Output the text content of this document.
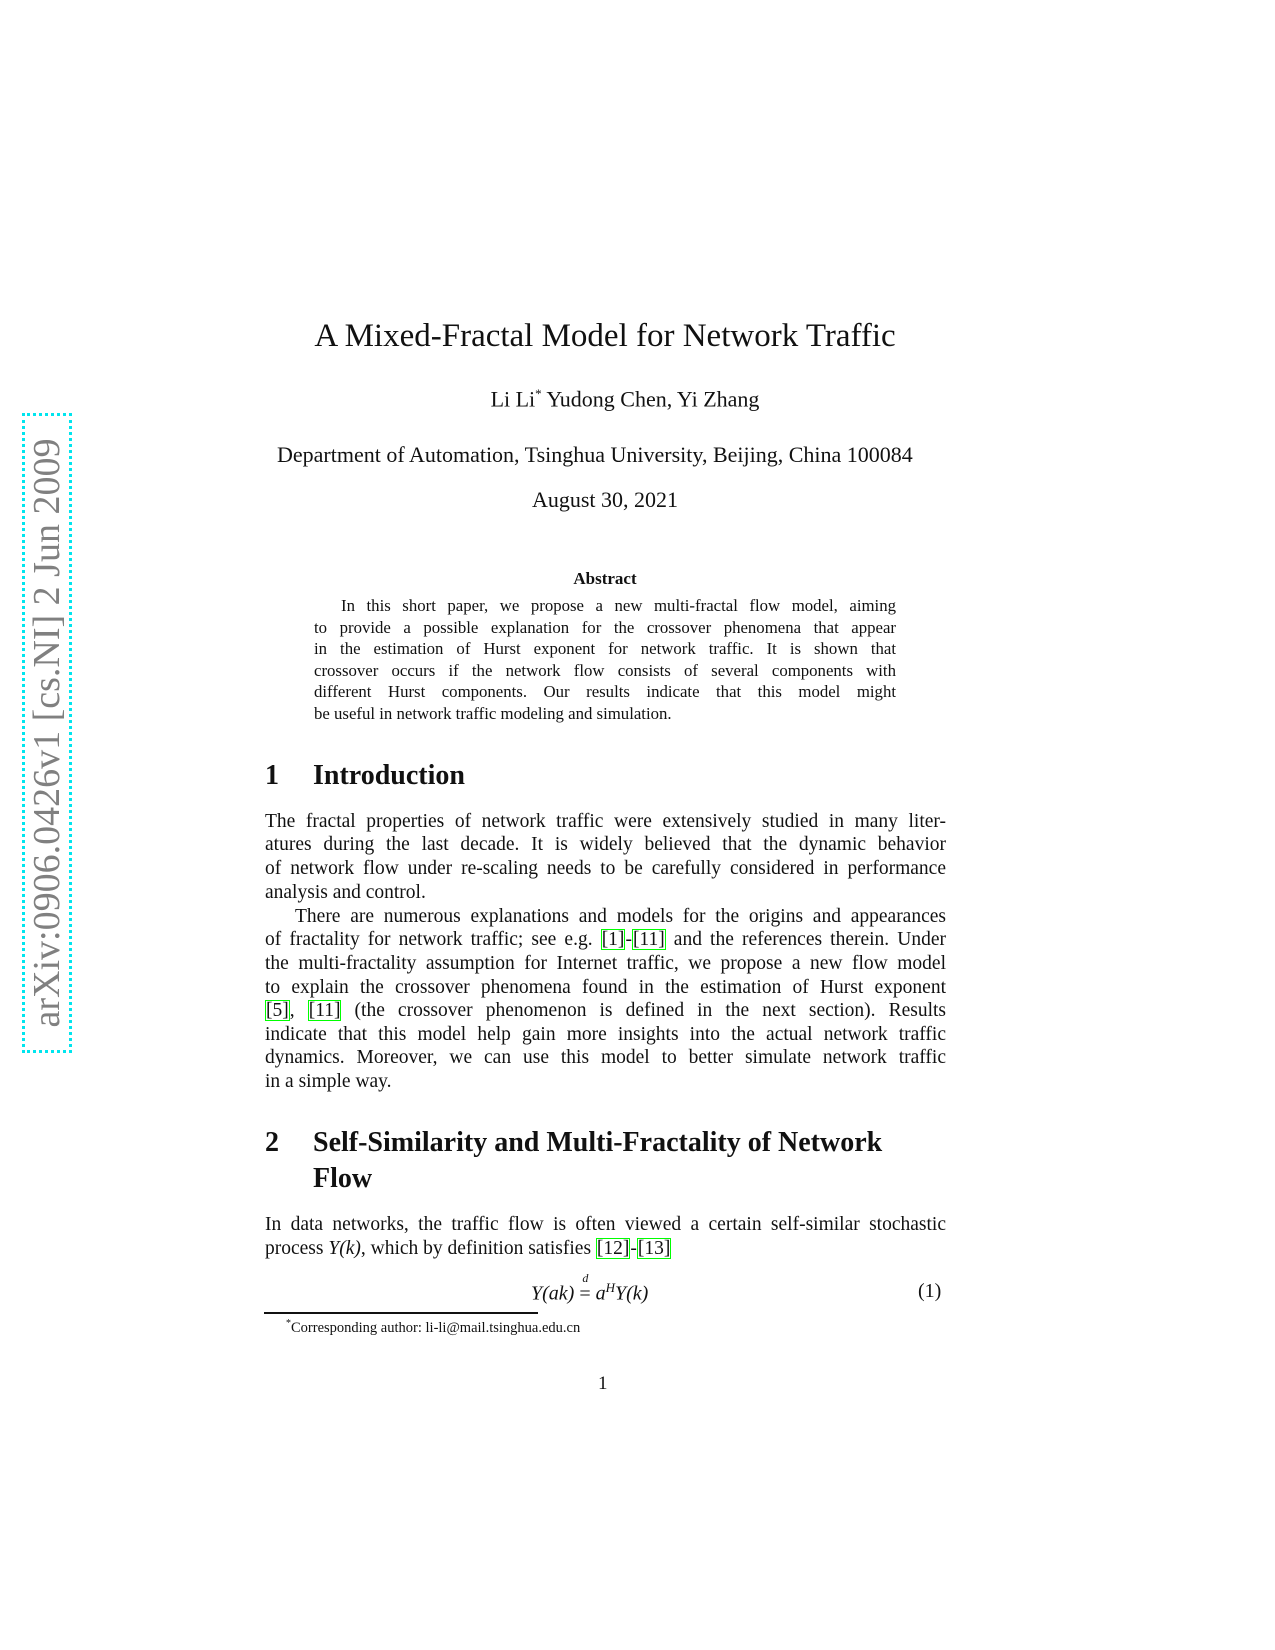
arXiv:0906.0426v1 [cs.NI] 2 Jun 2009
A Mixed-Fractal Model for Network Traffic
Li Li* Yudong Chen, Yi Zhang
Department of Automation, Tsinghua University, Beijing, China 100084
August 30, 2021
Abstract
In this short paper, we propose a new multi-fractal flow model, aiming
to provide a possible explanation for the crossover phenomena that appear
in the estimation of Hurst exponent for network traffic. It is shown that
crossover occurs if the network flow consists of several components with
different Hurst components. Our results indicate that this model might
be useful in network traffic modeling and simulation.
1 Introduction
The fractal properties of network traffic were extensively studied in many liter-
atures during the last decade. It is widely believed that the dynamic behavior
of network flow under re-scaling needs to be carefully considered in performance
analysis and control.
There are numerous explanations and models for the origins and appearances
of fractality for network traffic; see e.g. [1]-[11] and the references therein. Under
the multi-fractality assumption for Internet traffic, we propose a new flow model
to explain the crossover phenomena found in the estimation of Hurst exponent
[5], [11] (the crossover phenomenon is defined in the next section). Results
indicate that this model help gain more insights into the actual network traffic
dynamics. Moreover, we can use this model to better simulate network traffic
in a simple way.
2 Self-Similarity and Multi-Fractality of Network
Flow
In data networks, the traffic flow is often viewed a certain self-similar stochastic
process Y(k), which by definition satisfies [12]-[13]
Y(ak)
d
= $a^HY(k)$	(1)
*Corresponding author: li-li@mail.tsinghua.edu.cn
1
